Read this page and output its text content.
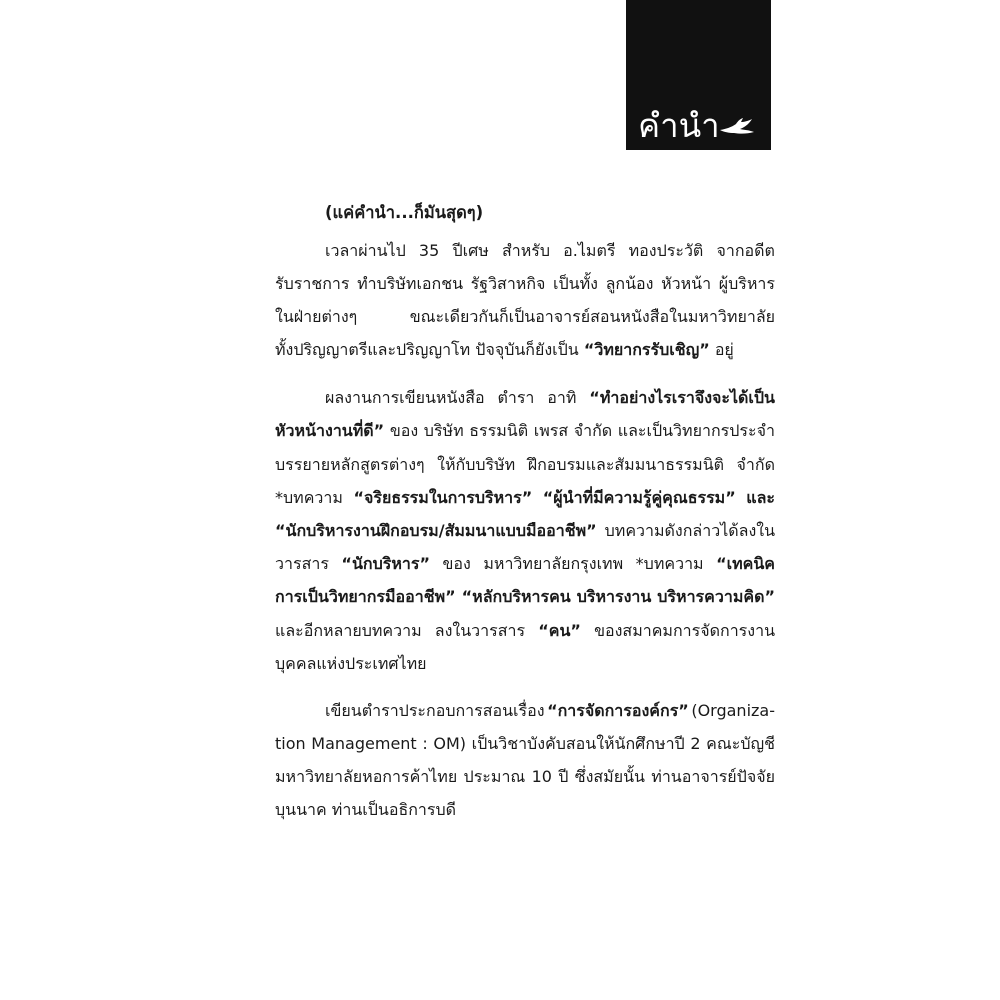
คำนำ
(แค่คำนำ...ก็มันสุดๆ)
เวลาผ่านไป 35 ปีเศษ สำหรับ อ.ไมตรี ทองประวัติ จากอดีต
รับราชการ ทำบริษัทเอกชน รัฐวิสาหกิจ เป็นทั้ง ลูกน้อง หัวหน้า ผู้บริหาร
ในฝ่ายต่างๆ	ขณะเดียวกันก็เป็นอาจารย์สอนหนังสือในมหาวิทยาลัย
ทั้งปริญญาตรีและปริญญาโท ปัจจุบันก็ยังเป็น “วิทยากรรับเชิญ” อยู่
ผลงานการเขียนหนังสือ ตำรา อาทิ “ทำอย่างไรเราจึงจะได้เป็น
หัวหน้างานที่ดี” ของ บริษัท ธรรมนิติ เพรส จำกัด และเป็นวิทยากรประจำ
บรรยายหลักสูตรต่างๆ ให้กับบริษัท ฝึกอบรมและสัมมนาธรรมนิติ จำกัด
*บทความ “จริยธรรมในการบริหาร” “ผู้นำที่มีความรู้คู่คุณธรรม” และ
“นักบริหารงานฝึกอบรม/สัมมนาแบบมืออาชีพ” บทความดังกล่าวได้ลงใน
วารสาร “นักบริหาร” ของ มหาวิทยาลัยกรุงเทพ *บทความ “เทคนิค
การเป็นวิทยากรมืออาชีพ” “หลักบริหารคน บริหารงาน บริหารความคิด”
และอีกหลายบทความ ลงในวารสาร “คน” ของสมาคมการจัดการงาน
บุคคลแห่งประเทศไทย
เขียนตำราประกอบการสอนเรื่อง “การจัดการองค์กร” (Organiza-
tion Management : OM) เป็นวิชาบังคับสอนให้นักศึกษาปี 2 คณะบัญชี
มหาวิทยาลัยหอการค้าไทย ประมาณ 10 ปี ซึ่งสมัยนั้น ท่านอาจารย์ปัจจัย
บุนนาค ท่านเป็นอธิการบดี
